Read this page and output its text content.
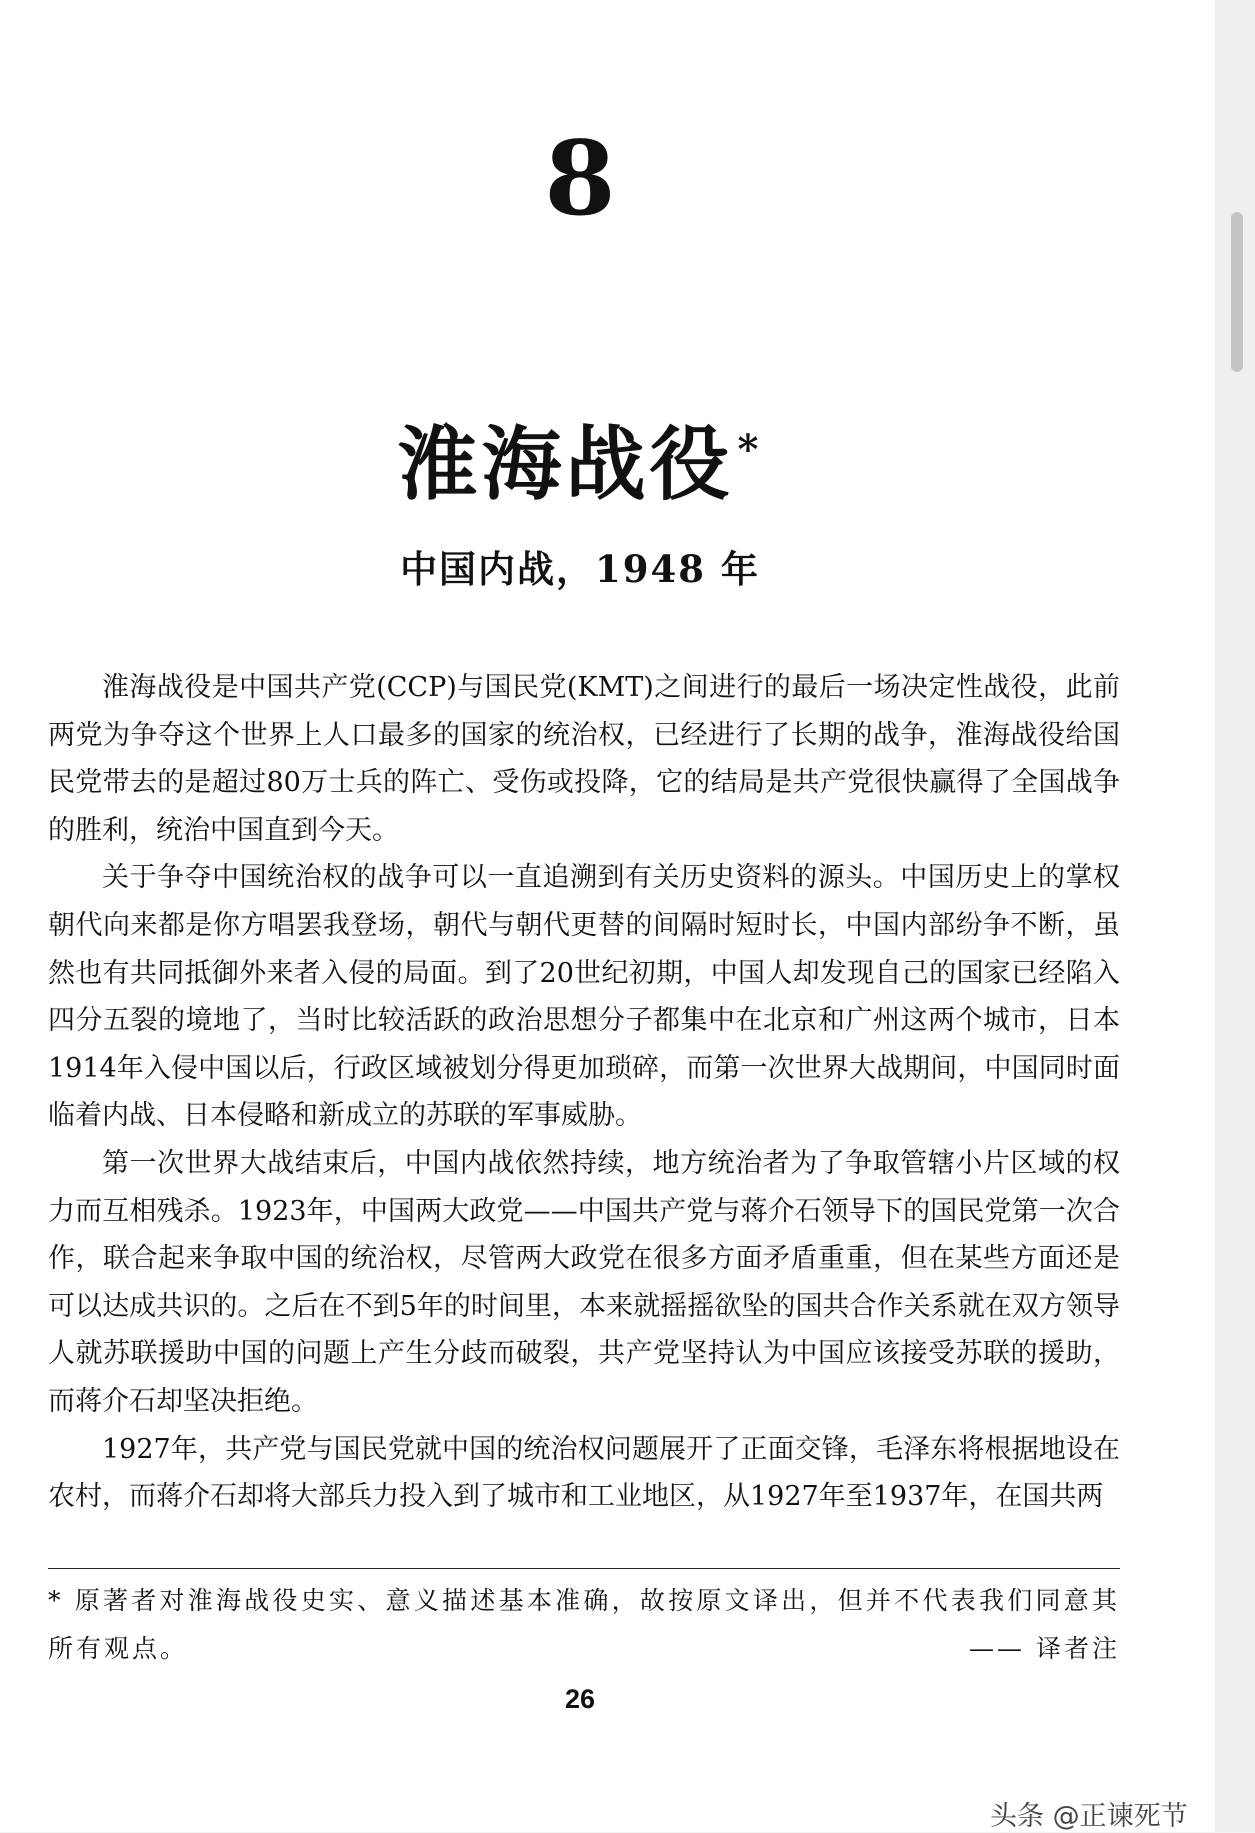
8
淮海战役 *
中国内战，1948 年

淮海战役是中国共产党(CCP)与国民党(KMT)之间进行的最后一场决定性战役，此前两党为争夺这个世界上人口最多的国家的统治权，已经进行了长期的战争，淮海战役给国民党带去的是超过80万士兵的阵亡、受伤或投降，它的结局是共产党很快赢得了全国战争的胜利，统治中国直到今天。

关于争夺中国统治权的战争可以一直追溯到有关历史资料的源头。中国历史上的掌权朝代向来都是你方唱罢我登场，朝代与朝代更替的间隔时短时长，中国内部纷争不断，虽然也有共同抵御外来者入侵的局面。到了20世纪初期，中国人却发现自己的国家已经陷入四分五裂的境地了，当时比较活跃的政治思想分子都集中在北京和广州这两个城市，日本1914年入侵中国以后，行政区域被划分得更加琐碎，而第一次世界大战期间，中国同时面临着内战、日本侵略和新成立的苏联的军事威胁。

第一次世界大战结束后，中国内战依然持续，地方统治者为了争取管辖小片区域的权力而互相残杀。1923年，中国两大政党——中国共产党与蒋介石领导下的国民党第一次合作，联合起来争取中国的统治权，尽管两大政党在很多方面矛盾重重，但在某些方面还是可以达成共识的。之后在不到5年的时间里，本来就摇摇欲坠的国共合作关系就在双方领导人就苏联援助中国的问题上产生分歧而破裂，共产党坚持认为中国应该接受苏联的援助，而蒋介石却坚决拒绝。

1927年，共产党与国民党就中国的统治权问题展开了正面交锋，毛泽东将根据地设在农村，而蒋介石却将大部兵力投入到了城市和工业地区，从1927年至1937年，在国共两

* 原著者对淮海战役史实、意义描述基本准确，故按原文译出，但并不代表我们同意其所有观点。	—— 译者注
26
头条 @正谏死节
